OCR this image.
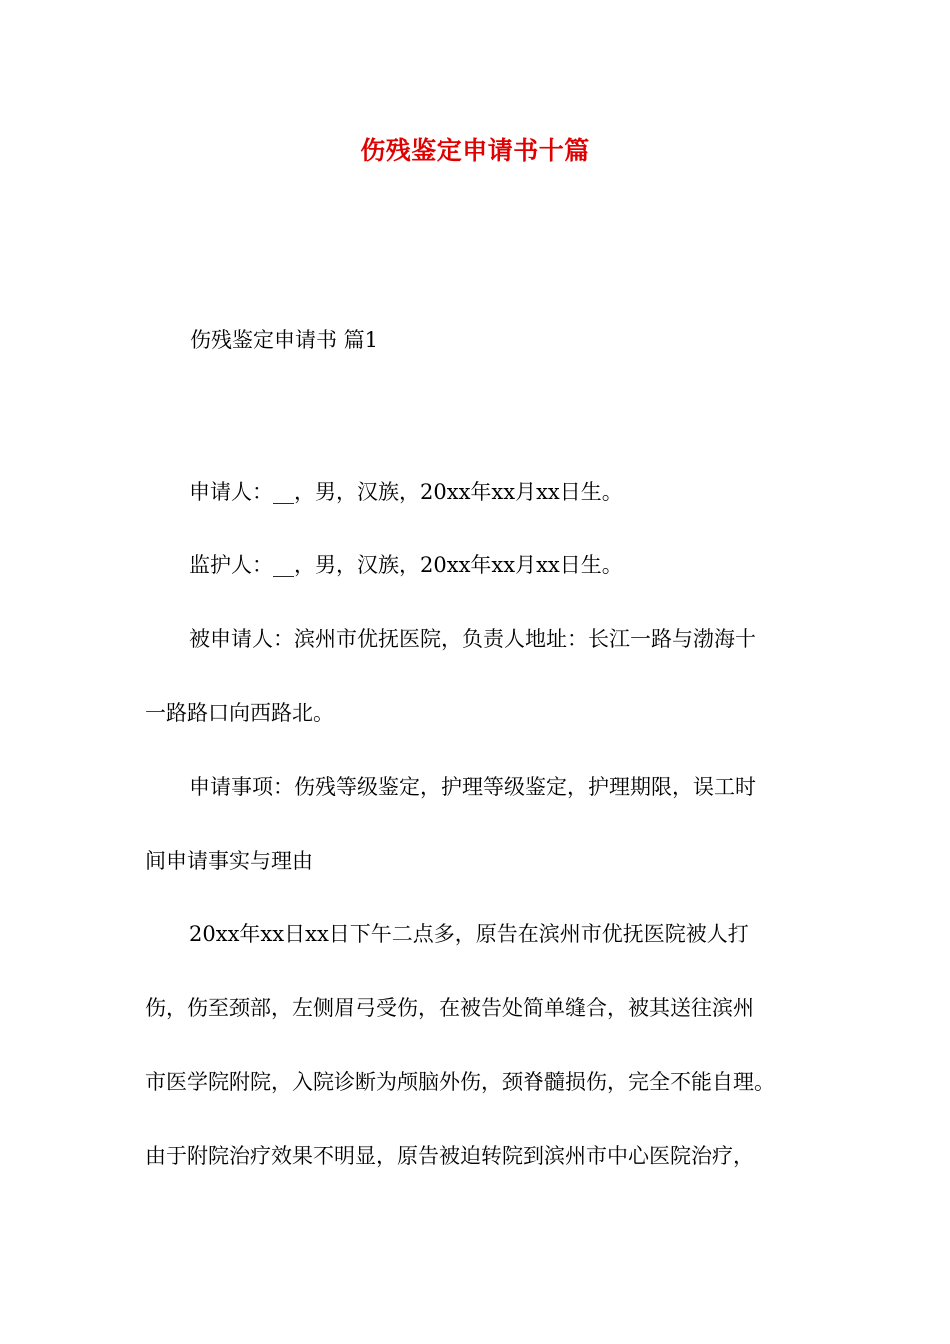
伤残鉴定申请书十篇
伤残鉴定申请书 篇1
申请人：__，男，汉族，20xx年xx月xx日生。
监护人：__，男，汉族，20xx年xx月xx日生。
被申请人：滨州市优抚医院，负责人地址：长江一路与渤海十
一路路口向西路北。
申请事项：伤残等级鉴定，护理等级鉴定，护理期限，误工时
间申请事实与理由
20xx年xx日xx日下午二点多，原告在滨州市优抚医院被人打
伤，伤至颈部，左侧眉弓受伤，在被告处简单缝合，被其送往滨州
市医学院附院，入院诊断为颅脑外伤，颈脊髓损伤，完全不能自理。
由于附院治疗效果不明显，原告被迫转院到滨州市中心医院治疗，
